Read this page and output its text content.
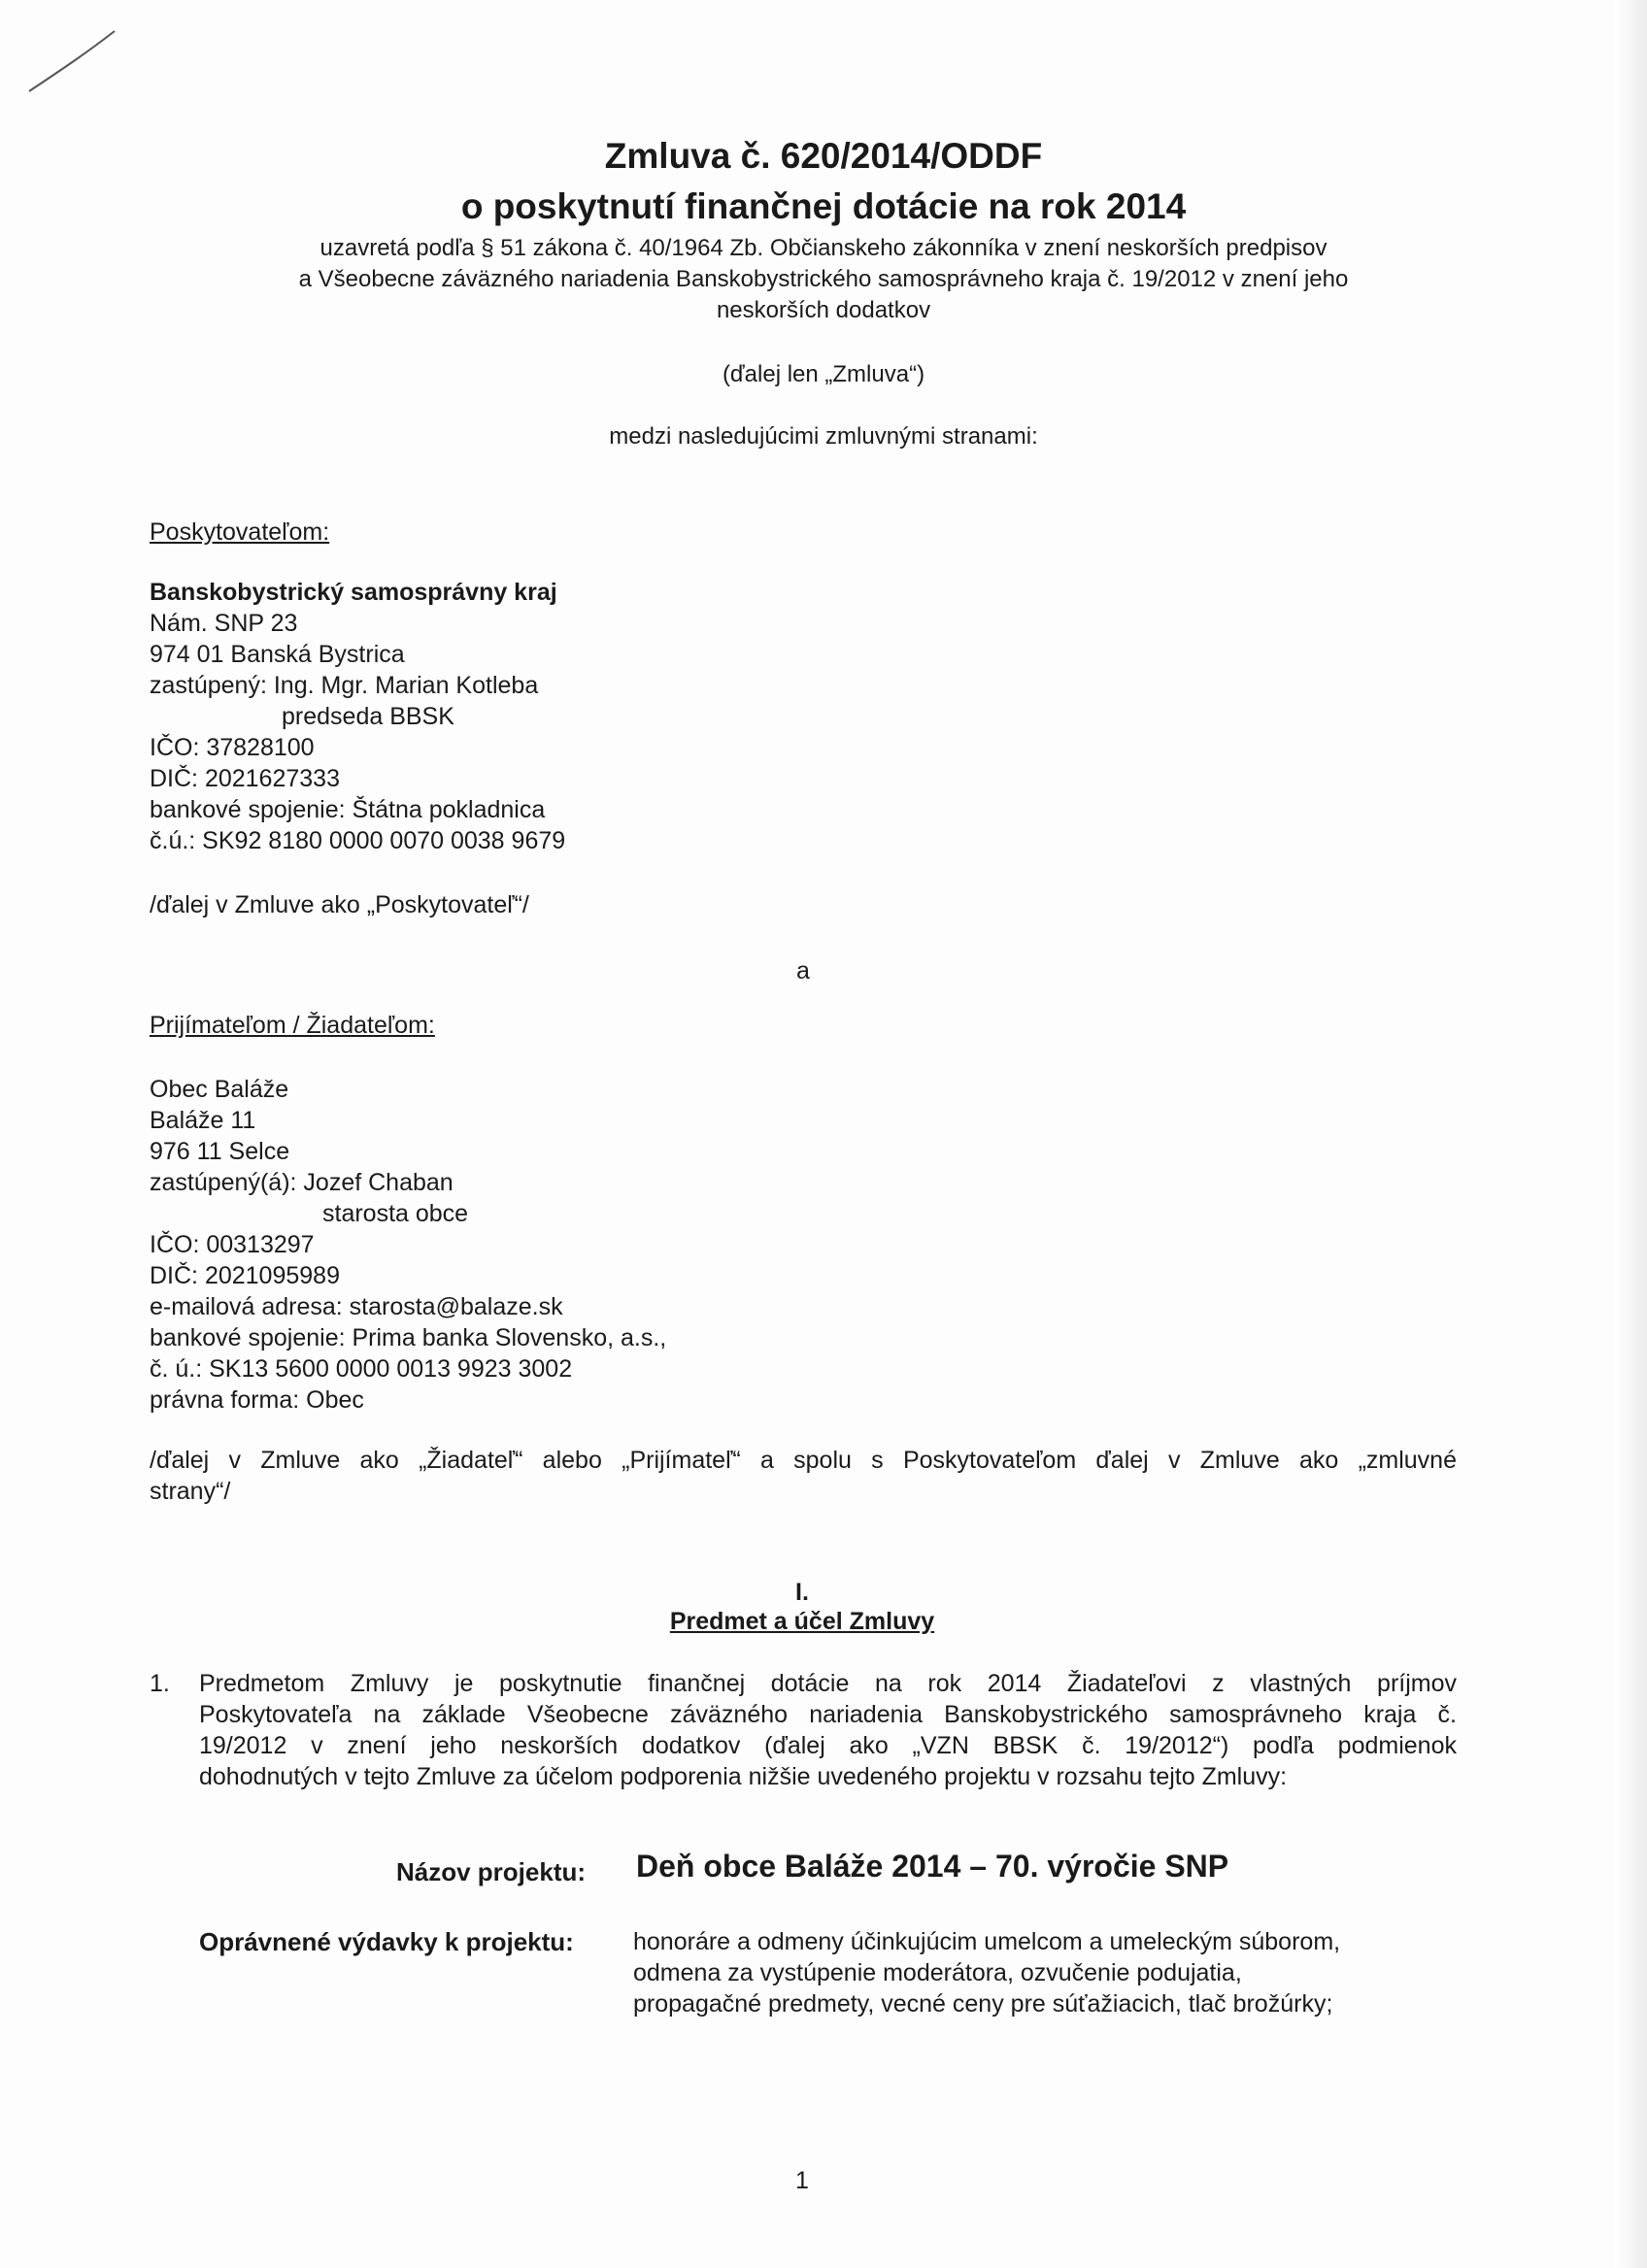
Zmluva č. 620/2014/ODDF
o poskytnutí finančnej dotácie na rok 2014
uzavretá podľa § 51 zákona č. 40/1964 Zb. Občianskeho zákonníka v znení neskorších predpisov
a Všeobecne záväzného nariadenia Banskobystrického samosprávneho kraja č. 19/2012 v znení jeho
neskorších dodatkov
(ďalej len „Zmluva“)
medzi nasledujúcimi zmluvnými stranami:
Poskytovateľom:
Banskobystrický samosprávny kraj
Nám. SNP 23
974 01 Banská Bystrica
zastúpený: Ing. Mgr. Marian Kotleba
predseda BBSK
IČO: 37828100
DIČ: 2021627333
bankové spojenie: Štátna pokladnica
č.ú.: SK92 8180 0000 0070 0038 9679
/ďalej v Zmluve ako „Poskytovateľ“/
a
Prijímateľom / Žiadateľom:
Obec Baláže
Baláže 11
976 11 Selce
zastúpený(á): Jozef Chaban
starosta obce
IČO: 00313297
DIČ: 2021095989
e-mailová adresa: starosta@balaze.sk
bankové spojenie: Prima banka Slovensko, a.s.,
č. ú.: SK13 5600 0000 0013 9923 3002
právna forma: Obec
/ďalej v Zmluve ako „Žiadateľ“ alebo „Prijímateľ“ a spolu s Poskytovateľom ďalej v Zmluve ako „zmluvné
strany“/
I.
Predmet a účel Zmluvy
1. Predmetom Zmluvy je poskytnutie finančnej dotácie na rok 2014 Žiadateľovi z vlastných príjmov
Poskytovateľa na základe Všeobecne záväzného nariadenia Banskobystrického samosprávneho kraja č.
19/2012 v znení jeho neskorších dodatkov (ďalej ako „VZN BBSK č. 19/2012“) podľa podmienok
dohodnutých v tejto Zmluve za účelom podporenia nižšie uvedeného projektu v rozsahu tejto Zmluvy:
Názov projektu: Deň obce Baláže 2014 – 70. výročie SNP
Oprávnené výdavky k projektu: honoráre a odmeny účinkujúcim umelcom a umeleckým súborom,
odmena za vystúpenie moderátora, ozvučenie podujatia,
propagačné predmety, vecné ceny pre súťažiacich, tlač brožúrky;
1
